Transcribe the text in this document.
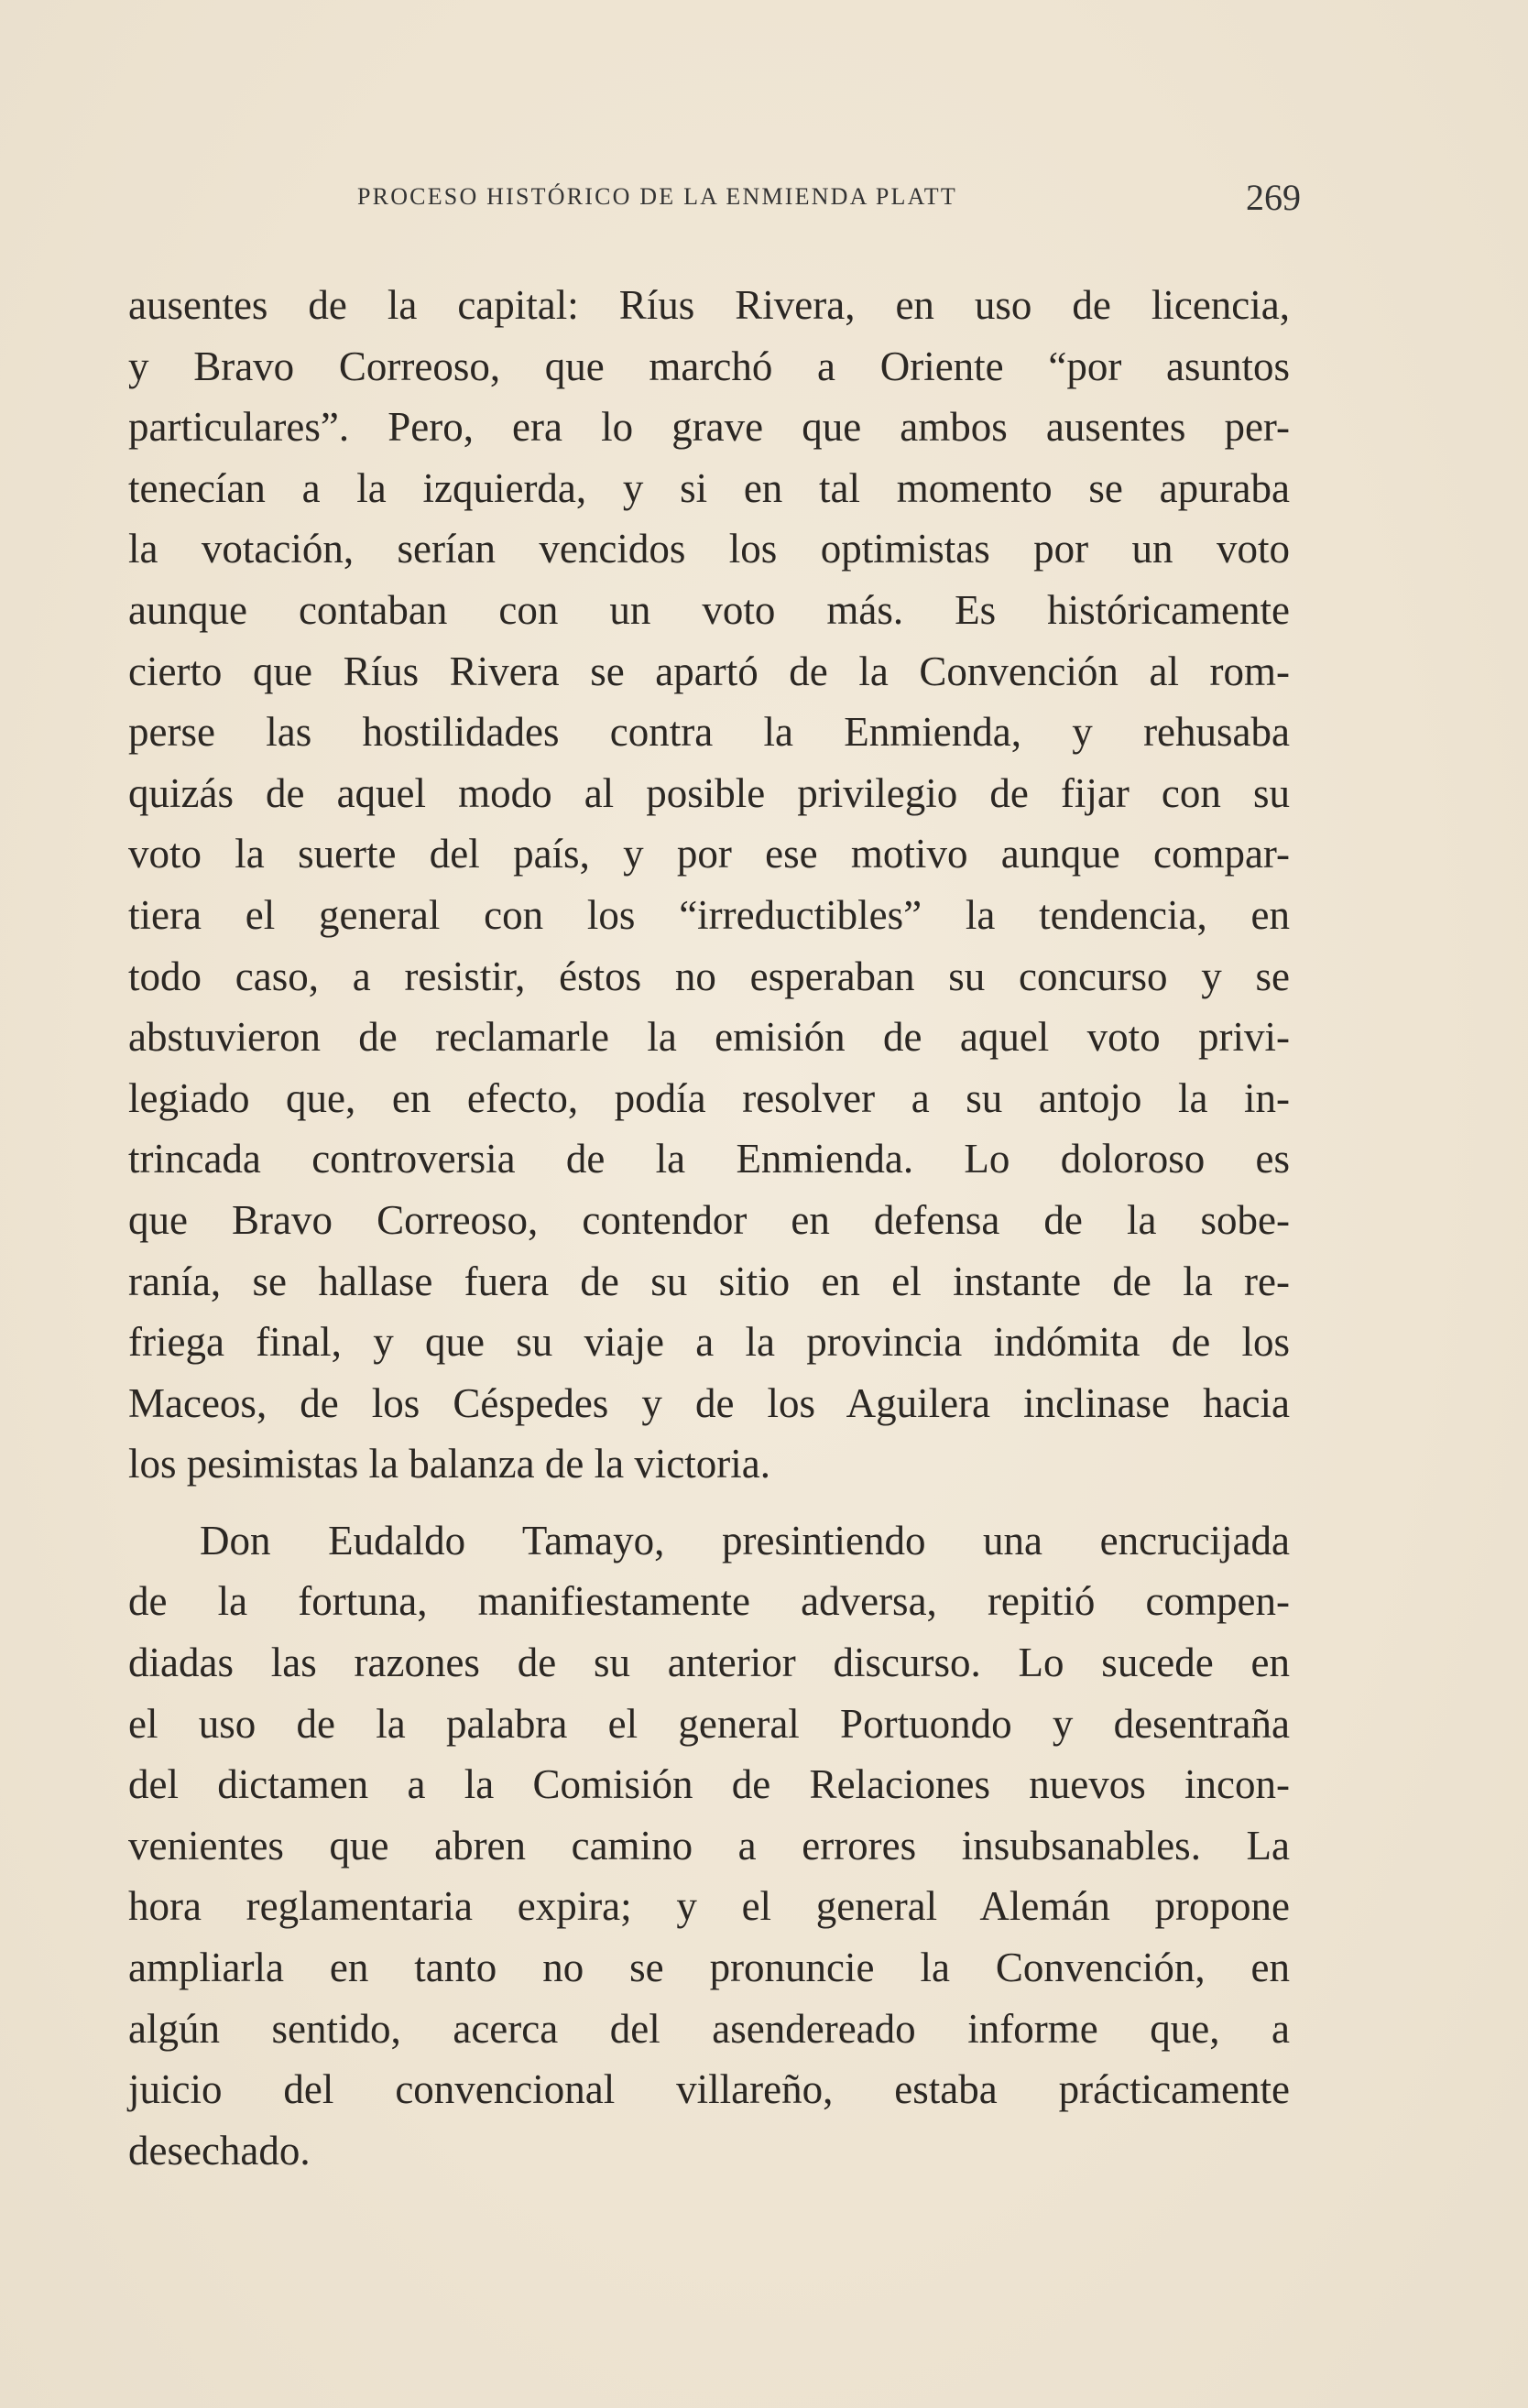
PROCESO HISTÓRICO DE LA ENMIENDA PLATT	269
ausentes de la capital: Ríus Rivera, en uso de licencia,
y Bravo Correoso, que marchó a Oriente “por asuntos
particulares”. Pero, era lo grave que ambos ausentes per-
tenecían a la izquierda, y si en tal momento se apuraba
la votación, serían vencidos los optimistas por un voto
aunque contaban con un voto más. Es históricamente
cierto que Ríus Rivera se apartó de la Convención al rom-
perse las hostilidades contra la Enmienda, y rehusaba
quizás de aquel modo al posible privilegio de fijar con su
voto la suerte del país, y por ese motivo aunque compar-
tiera el general con los “irreductibles” la tendencia, en
todo caso, a resistir, éstos no esperaban su concurso y se
abstuvieron de reclamarle la emisión de aquel voto privi-
legiado que, en efecto, podía resolver a su antojo la in-
trincada controversia de la Enmienda. Lo doloroso es
que Bravo Correoso, contendor en defensa de la sobe-
ranía, se hallase fuera de su sitio en el instante de la re-
friega final, y que su viaje a la provincia indómita de los
Maceos, de los Céspedes y de los Aguilera inclinase hacia
los pesimistas la balanza de la victoria.
Don Eudaldo Tamayo, presintiendo una encrucijada
de la fortuna, manifiestamente adversa, repitió compen-
diadas las razones de su anterior discurso. Lo sucede en
el uso de la palabra el general Portuondo y desentraña
del dictamen a la Comisión de Relaciones nuevos incon-
venientes que abren camino a errores insubsanables. La
hora reglamentaria expira; y el general Alemán propone
ampliarla en tanto no se pronuncie la Convención, en
algún sentido, acerca del asendereado informe que, a
juicio del convencional villareño, estaba prácticamente
desechado.
